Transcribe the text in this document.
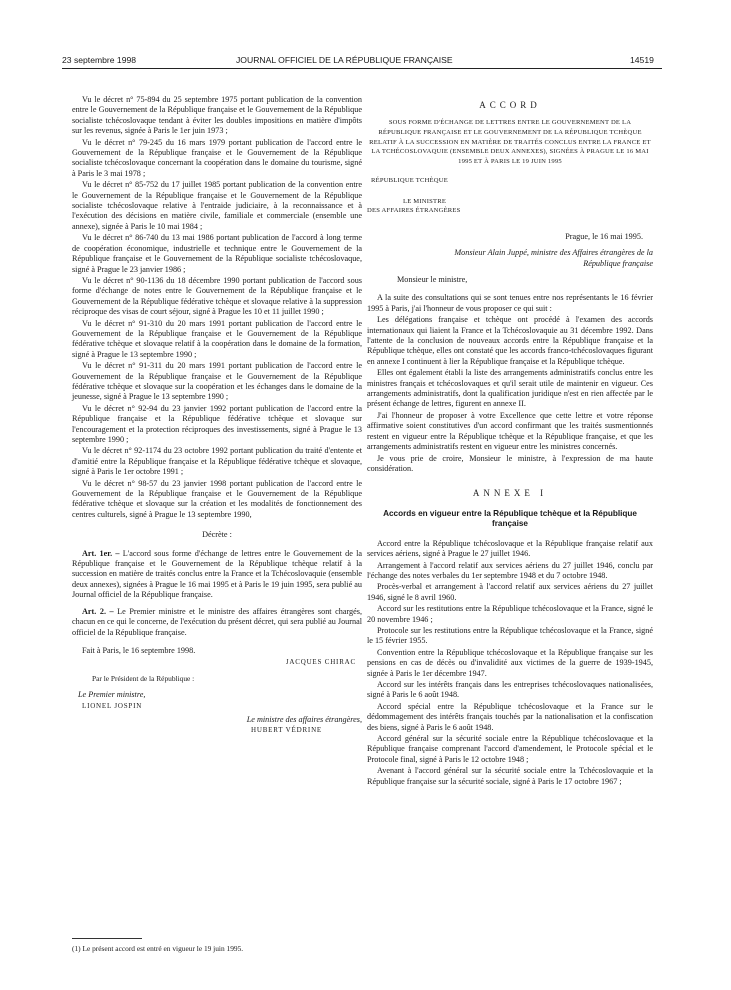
23 septembre 1998	JOURNAL OFFICIEL DE LA RÉPUBLIQUE FRANÇAISE	14519

Vu le décret n° 75-894 du 25 septembre 1975 portant publication de la convention entre le Gouvernement de la République française et le Gouvernement de la République socialiste tchécoslovaque tendant à éviter les doubles impositions en matière d'impôts sur les revenus, signée à Paris le 1er juin 1973 ;

Vu le décret n° 79-245 du 16 mars 1979 portant publication de l'accord entre le Gouvernement de la République française et le Gouvernement de la République socialiste tchécoslovaque concernant la coopération dans le domaine du tourisme, signé à Paris le 3 mai 1978 ;

Vu le décret n° 85-752 du 17 juillet 1985 portant publication de la convention entre le Gouvernement de la République française et le Gouvernement de la République socialiste tchécoslovaque relative à l'entraide judiciaire, à la reconnaissance et à l'exécution des décisions en matière civile, familiale et commerciale (ensemble une annexe), signée à Paris le 10 mai 1984 ;

Vu le décret n° 86-740 du 13 mai 1986 portant publication de l'accord à long terme de coopération économique, industrielle et technique entre le Gouvernement de la République française et le Gouvernement de la République socialiste tchécoslovaque, signé à Prague le 23 janvier 1986 ;

Vu le décret n° 90-1136 du 18 décembre 1990 portant publication de l'accord sous forme d'échange de notes entre le Gouvernement de la République française et le Gouvernement de la République fédérative tchèque et slovaque relative à la suppression réciproque des visas de court séjour, signé à Prague les 10 et 11 juillet 1990 ;

Vu le décret n° 91-310 du 20 mars 1991 portant publication de l'accord entre le Gouvernement de la République française et le Gouvernement de la République fédérative tchèque et slovaque relatif à la coopération dans le domaine de la formation, signé à Prague le 13 septembre 1990 ;

Vu le décret n° 91-311 du 20 mars 1991 portant publication de l'accord entre le Gouvernement de la République française et le Gouvernement de la République fédérative tchèque et slovaque sur la coopération et les échanges dans le domaine de la jeunesse, signé à Prague le 13 septembre 1990 ;

Vu le décret n° 92-94 du 23 janvier 1992 portant publication de l'accord entre la République française et la République fédérative tchèque et slovaque sur l'encouragement et la protection réciproques des investissements, signé à Prague le 13 septembre 1990 ;

Vu le décret n° 92-1174 du 23 octobre 1992 portant publication du traité d'entente et d'amitié entre la République française et la République fédérative tchèque et slovaque, signé à Paris le 1er octobre 1991 ;

Vu le décret n° 98-57 du 23 janvier 1998 portant publication de l'accord entre le Gouvernement de la République française et le Gouvernement de la République fédérative tchèque et slovaque sur la création et les modalités de fonctionnement des centres culturels, signé à Prague le 13 septembre 1990,

Décrète :

Art. 1er. – L'accord sous forme d'échange de lettres entre le Gouvernement de la République française et le Gouvernement de la République tchèque relatif à la succession en matière de traités conclus entre la France et la Tchécoslovaquie (ensemble deux annexes), signées à Prague le 16 mai 1995 et à Paris le 19 juin 1995, sera publié au Journal officiel de la République française.

Art. 2. – Le Premier ministre et le ministre des affaires étrangères sont chargés, chacun en ce qui le concerne, de l'exécution du présent décret, qui sera publié au Journal officiel de la République française.

Fait à Paris, le 16 septembre 1998.

JACQUES CHIRAC
Par le Président de la République :
Le Premier ministre,
LIONEL JOSPIN
Le ministre des affaires étrangères,
HUBERT VÉDRINE
ACCORD
SOUS FORME D'ÉCHANGE DE LETTRES ENTRE LE GOUVERNEMENT DE LA RÉPUBLIQUE FRANÇAISE ET LE GOUVERNEMENT DE LA RÉPUBLIQUE TCHÈQUE RELATIF À LA SUCCESSION EN MATIÈRE DE TRAITÉS CONCLUS ENTRE LA FRANCE ET LA TCHÉCOSLOVAQUIE (ENSEMBLE DEUX ANNEXES), SIGNÉES À PRAGUE LE 16 MAI 1995 ET À PARIS LE 19 JUIN 1995
RÉPUBLIQUE TCHÈQUE
LE MINISTRE
DES AFFAIRES ÉTRANGÈRES
Prague, le 16 mai 1995.
Monsieur Alain Juppé, ministre des Affaires étrangères de la République française
Monsieur le ministre,

A la suite des consultations qui se sont tenues entre nos représentants le 16 février 1995 à Paris, j'ai l'honneur de vous proposer ce qui suit :

Les délégations française et tchèque ont procédé à l'examen des accords internationaux qui liaient la France et la Tchécoslovaquie au 31 décembre 1992. Dans l'attente de la conclusion de nouveaux accords entre la République française et la République tchèque, elles ont constaté que les accords franco-tchécoslovaques figurant en annexe I continuent à lier la République française et la République tchèque.

Elles ont également établi la liste des arrangements administratifs conclus entre les ministres français et tchécoslovaques et qu'il serait utile de maintenir en vigueur. Ces arrangements administratifs, dont la qualification juridique n'est en rien affectée par le présent échange de lettres, figurent en annexe II.

J'ai l'honneur de proposer à votre Excellence que cette lettre et votre réponse affirmative soient constitutives d'un accord confirmant que les traités susmentionnés restent en vigueur entre la République tchèque et la République française, et que les arrangements administratifs restent en vigueur entre les ministres concernés.

Je vous prie de croire, Monsieur le ministre, à l'expression de ma haute considération.

ANNEXE I
Accords en vigueur entre la République tchèque et la République française

Accord entre la République tchécoslovaque et la République française relatif aux services aériens, signé à Prague le 27 juillet 1946.

Arrangement à l'accord relatif aux services aériens du 27 juillet 1946, conclu par l'échange des notes verbales du 1er septembre 1948 et du 7 octobre 1948.

Procès-verbal et arrangement à l'accord relatif aux services aériens du 27 juillet 1946, signé le 8 avril 1960.

Accord sur les restitutions entre la République tchécoslovaque et la France, signé le 20 novembre 1946 ;

Protocole sur les restitutions entre la République tchécoslovaque et la France, signé le 15 février 1955.

Convention entre la République tchécoslovaque et la République française sur les pensions en cas de décès ou d'invalidité aux victimes de la guerre de 1939-1945, signée à Paris le 1er décembre 1947.

Accord sur les intérêts français dans les entreprises tchécoslovaques nationalisées, signé à Paris le 6 août 1948.

Accord spécial entre la République tchécoslovaque et la France sur le dédommagement des intérêts français touchés par la nationalisation et la confiscation des biens, signé à Paris le 6 août 1948.

Accord général sur la sécurité sociale entre la République tchécoslovaque et la République française comprenant l'accord d'amendement, le Protocole spécial et le Protocole final, signé à Paris le 12 octobre 1948 ;

Avenant à l'accord général sur la sécurité sociale entre la Tchécoslovaquie et la République française sur la sécurité sociale, signé à Paris le 17 octobre 1967 ;

(1) Le présent accord est entré en vigueur le 19 juin 1995.
